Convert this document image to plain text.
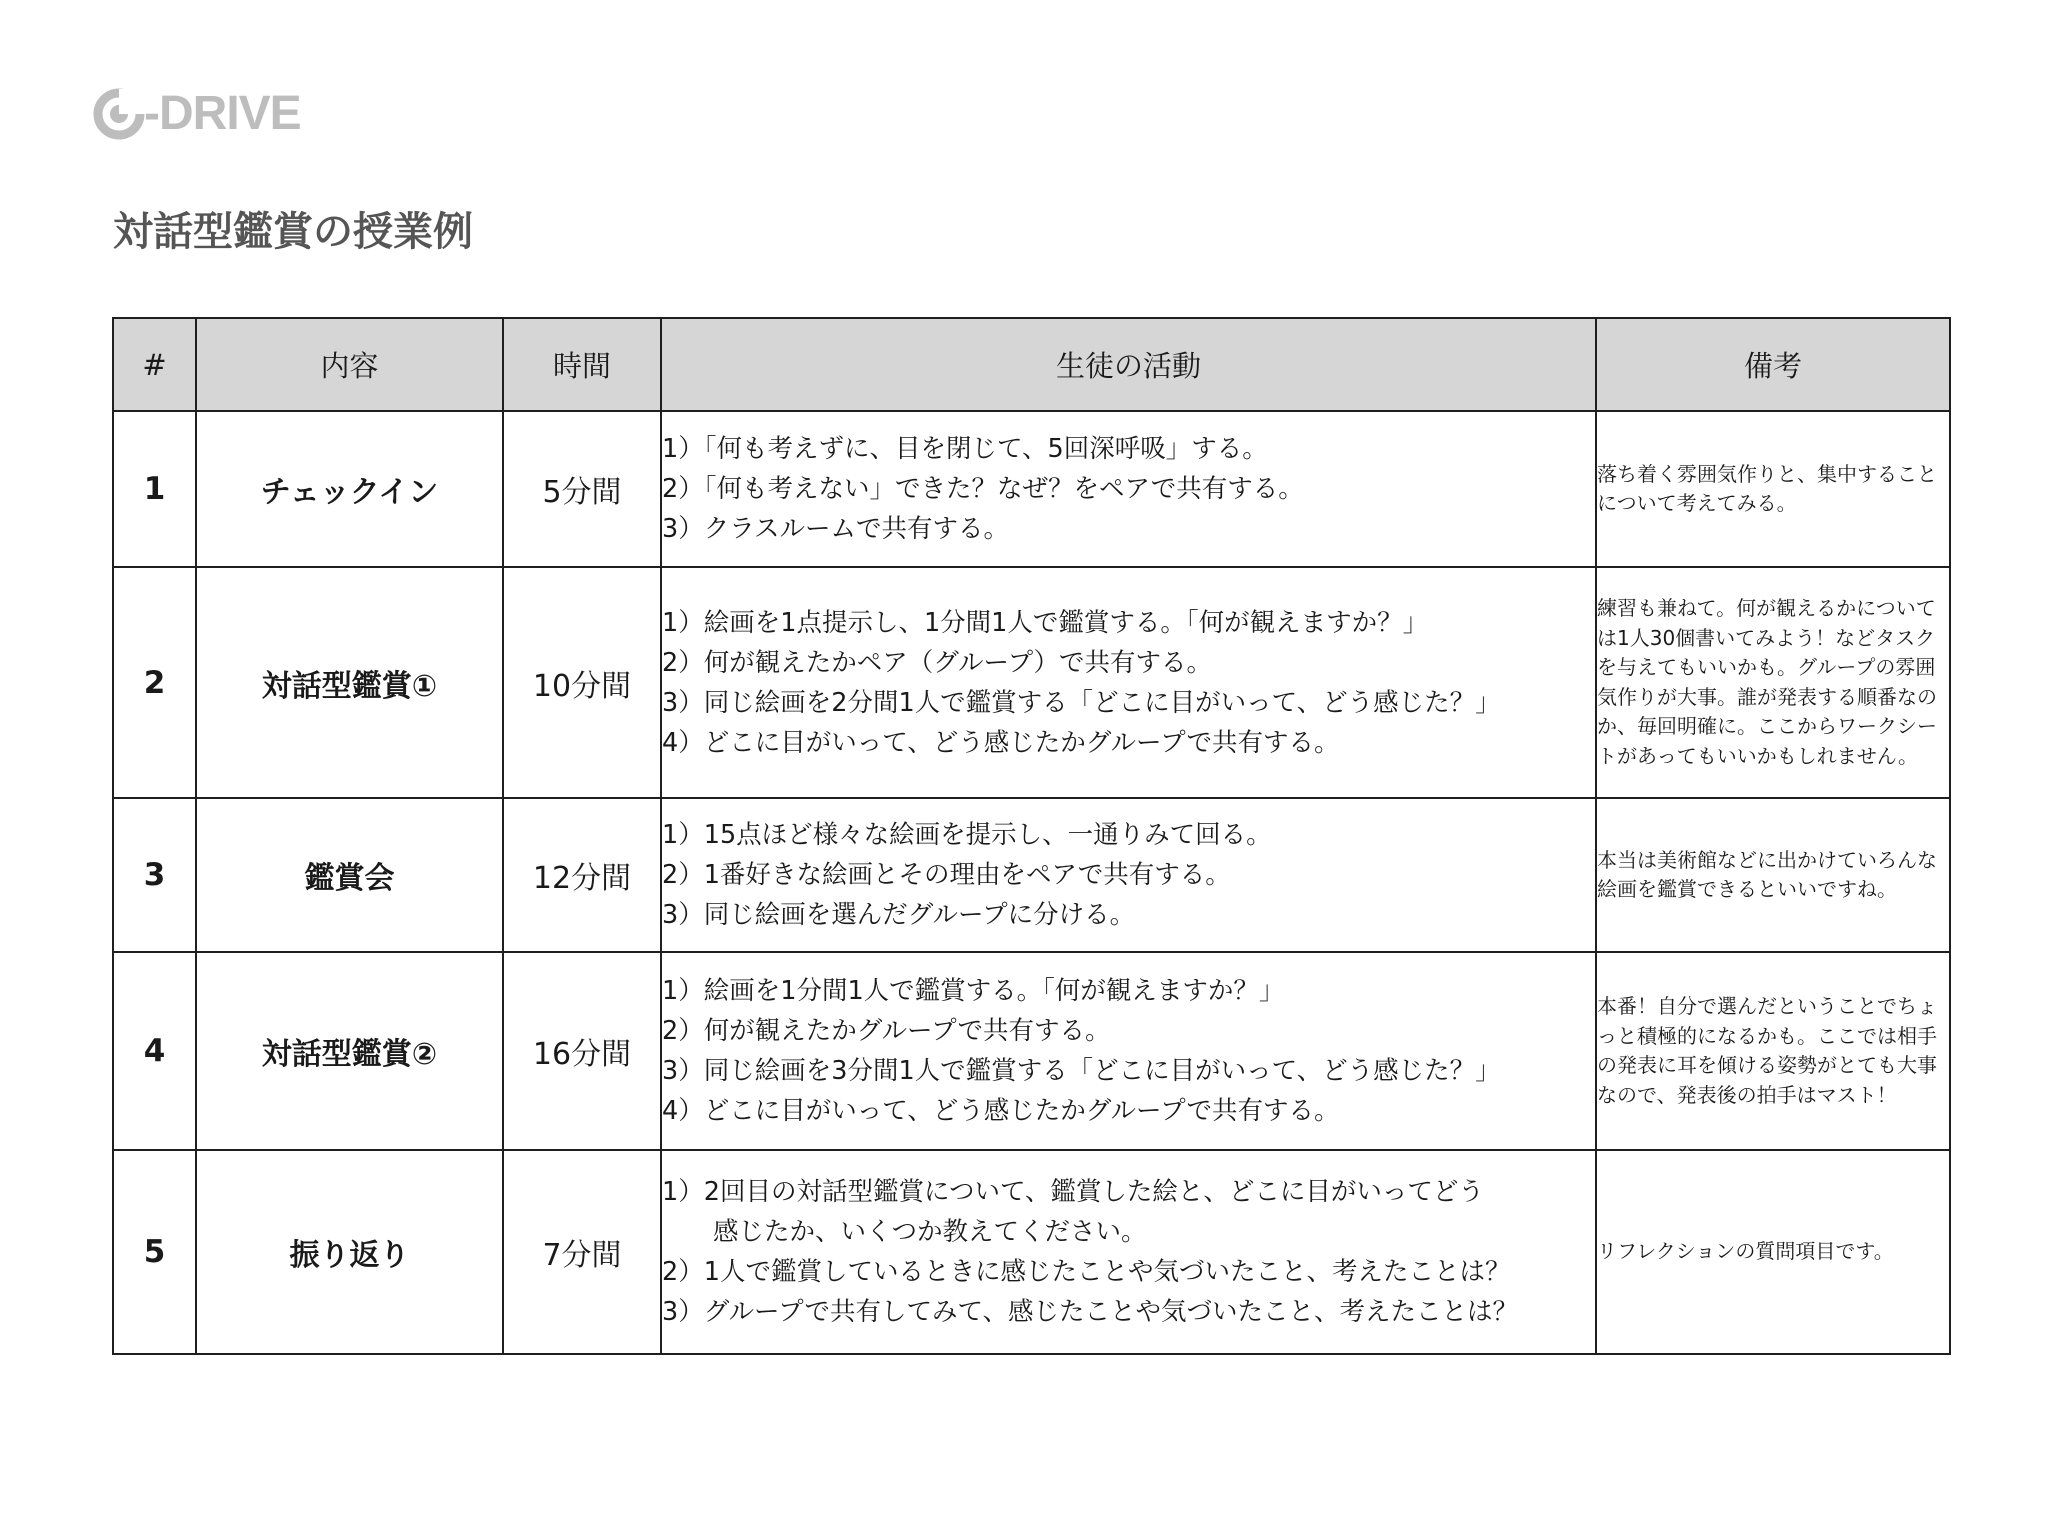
-DRIVE
対話型鑑賞の授業例
#	内容	時間	生徒の活動	備考
1	チェックイン	5分間	1）「何も考えずに、目を閉じて、5回深呼吸」する。
2）「何も考えない」できた？なぜ？をペアで共有する。
3）クラスルームで共有する。	落ち着く雰囲気作りと、集中することについて考えてみる。
2	対話型鑑賞①	10分間	1）絵画を1点提示し、1分間1人で鑑賞する。「何が観えますか？」
2）何が観えたかペア（グループ）で共有する。
3）同じ絵画を2分間1人で鑑賞する「どこに目がいって、どう感じた？」
4）どこに目がいって、どう感じたかグループで共有する。	練習も兼ねて。何が観えるかについては1人30個書いてみよう！などタスクを与えてもいいかも。グループの雰囲気作りが大事。誰が発表する順番なのか、毎回明確に。ここからワークシートがあってもいいかもしれません。
3	鑑賞会	12分間	1）15点ほど様々な絵画を提示し、一通りみて回る。
2）1番好きな絵画とその理由をペアで共有する。
3）同じ絵画を選んだグループに分ける。	本当は美術館などに出かけていろんな絵画を鑑賞できるといいですね。
4	対話型鑑賞②	16分間	1）絵画を1分間1人で鑑賞する。「何が観えますか？」
2）何が観えたかグループで共有する。
3）同じ絵画を3分間1人で鑑賞する「どこに目がいって、どう感じた？」
4）どこに目がいって、どう感じたかグループで共有する。	本番！自分で選んだということでちょっと積極的になるかも。ここでは相手の発表に耳を傾ける姿勢がとても大事なので、発表後の拍手はマスト！
5	振り返り	7分間	1）2回目の対話型鑑賞について、鑑賞した絵と、どこに目がいってどう
　　感じたか、いくつか教えてください。
2）1人で鑑賞しているときに感じたことや気づいたこと、考えたことは？
3）グループで共有してみて、感じたことや気づいたこと、考えたことは？	リフレクションの質問項目です。
